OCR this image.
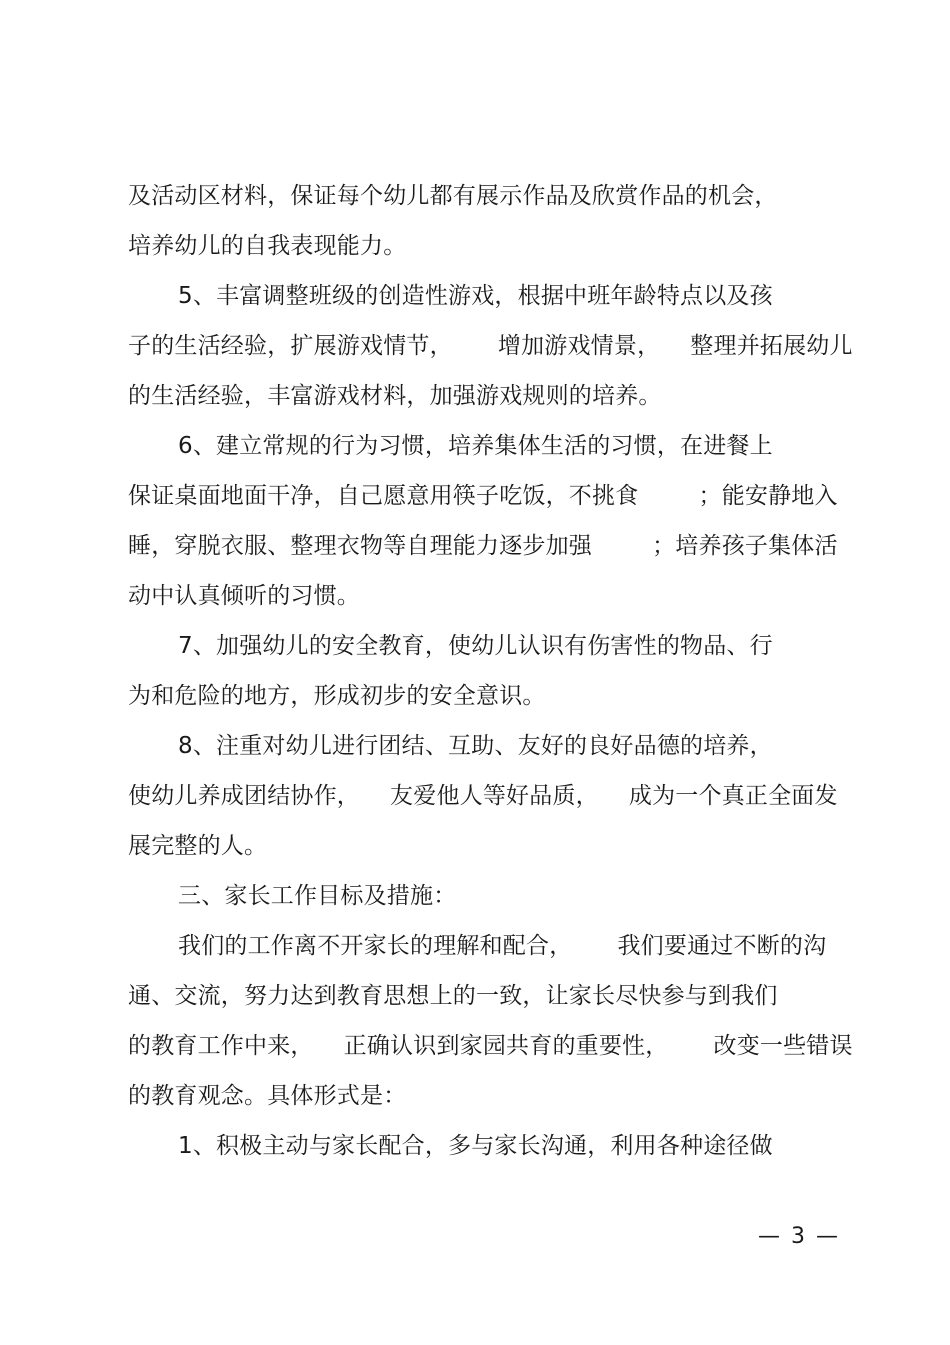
及活动区材料，保证每个幼儿都有展示作品及欣赏作品的机会，
培养幼儿的自我表现能力。
5、丰富调整班级的创造性游戏，根据中班年龄特点以及孩
子的生活经验，扩展游戏情节，      增加游戏情景，    整理并拓展幼儿
的生活经验，丰富游戏材料，加强游戏规则的培养。
6、建立常规的行为习惯，培养集体生活的习惯，在进餐上
保证桌面地面干净，自己愿意用筷子吃饭，不挑食        ；能安静地入
睡，穿脱衣服、整理衣物等自理能力逐步加强        ；培养孩子集体活
动中认真倾听的习惯。
7、加强幼儿的安全教育，使幼儿认识有伤害性的物品、行
为和危险的地方，形成初步的安全意识。
8、注重对幼儿进行团结、互助、友好的良好品德的培养，
使幼儿养成团结协作，    友爱他人等好品质，    成为一个真正全面发
展完整的人。
三、家长工作目标及措施：
我们的工作离不开家长的理解和配合，      我们要通过不断的沟
通、交流，努力达到教育思想上的一致，让家长尽快参与到我们
的教育工作中来，    正确认识到家园共育的重要性，      改变一些错误
的教育观念。具体形式是：
1、积极主动与家长配合，多与家长沟通，利用各种途径做
— 3 —
